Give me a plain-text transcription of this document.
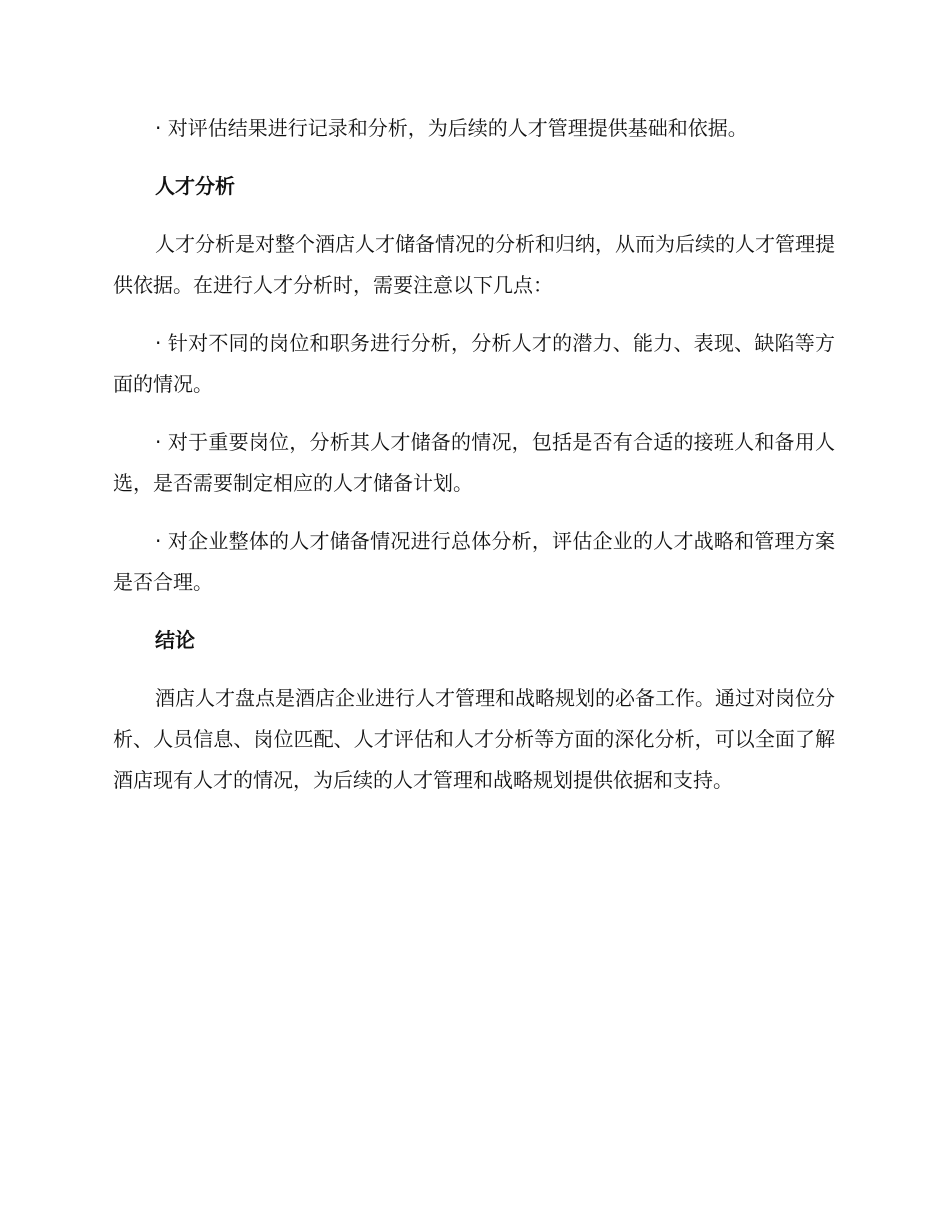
· 对评估结果进行记录和分析，为后续的人才管理提供基础和依据。

人才分析

人才分析是对整个酒店人才储备情况的分析和归纳，从而为后续的人才管理提供依据。在进行人才分析时，需要注意以下几点：

· 针对不同的岗位和职务进行分析，分析人才的潜力、能力、表现、缺陷等方面的情况。

· 对于重要岗位，分析其人才储备的情况，包括是否有合适的接班人和备用人选，是否需要制定相应的人才储备计划。

· 对企业整体的人才储备情况进行总体分析，评估企业的人才战略和管理方案是否合理。

结论

酒店人才盘点是酒店企业进行人才管理和战略规划的必备工作。通过对岗位分析、人员信息、岗位匹配、人才评估和人才分析等方面的深化分析，可以全面了解酒店现有人才的情况，为后续的人才管理和战略规划提供依据和支持。
